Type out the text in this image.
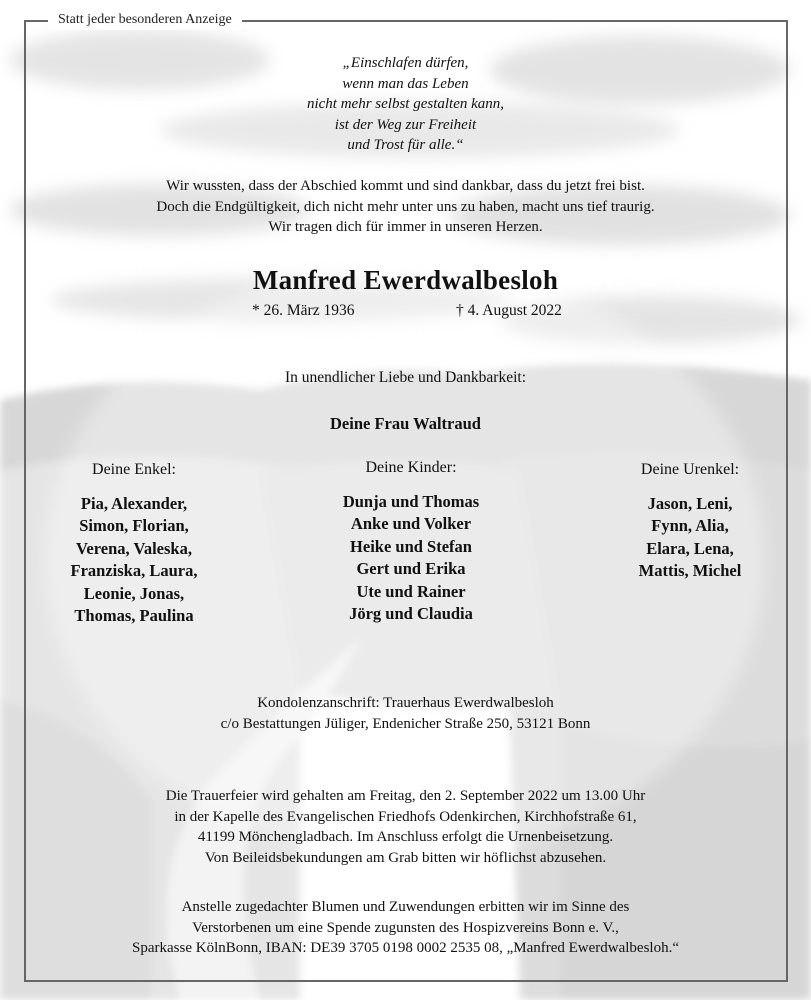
Statt jeder besonderen Anzeige
„Einschlafen dürfen,
wenn man das Leben
nicht mehr selbst gestalten kann,
ist der Weg zur Freiheit
und Trost für alle.“
Wir wussten, dass der Abschied kommt und sind dankbar, dass du jetzt frei bist.
Doch die Endgültigkeit, dich nicht mehr unter uns zu haben, macht uns tief traurig.
Wir tragen dich für immer in unseren Herzen.
Manfred Ewerdwalbesloh
* 26. März 1936	† 4. August 2022
In unendlicher Liebe und Dankbarkeit:
Deine Frau Waltraud
Deine Enkel:
Pia, Alexander,
Simon, Florian,
Verena, Valeska,
Franziska, Laura,
Leonie, Jonas,
Thomas, Paulina
Deine Kinder:
Dunja und Thomas
Anke und Volker
Heike und Stefan
Gert und Erika
Ute und Rainer
Jörg und Claudia
Deine Urenkel:
Jason, Leni,
Fynn, Alia,
Elara, Lena,
Mattis, Michel
Kondolenzanschrift: Trauerhaus Ewerdwalbesloh
c/o Bestattungen Jüliger, Endenicher Straße 250, 53121 Bonn
Die Trauerfeier wird gehalten am Freitag, den 2. September 2022 um 13.00 Uhr
in der Kapelle des Evangelischen Friedhofs Odenkirchen, Kirchhofstraße 61,
41199 Mönchengladbach. Im Anschluss erfolgt die Urnenbeisetzung.
Von Beileidsbekundungen am Grab bitten wir höflichst abzusehen.
Anstelle zugedachter Blumen und Zuwendungen erbitten wir im Sinne des
Verstorbenen um eine Spende zugunsten des Hospizvereins Bonn e. V.,
Sparkasse KölnBonn, IBAN: DE39 3705 0198 0002 2535 08, „Manfred Ewerdwalbesloh.“
